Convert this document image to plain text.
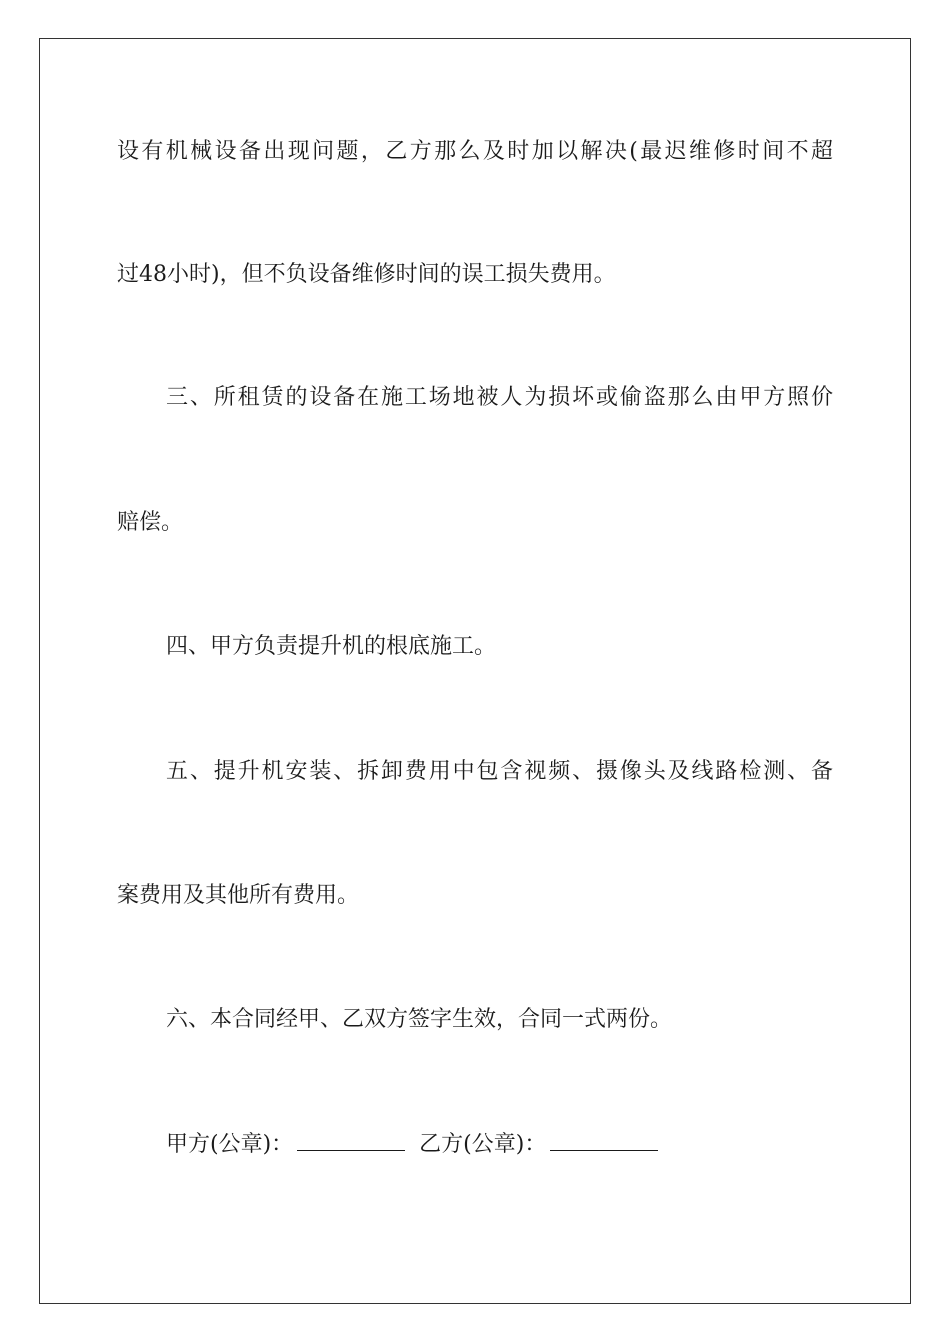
设有机械设备出现问题，乙方那么及时加以解决(最迟维修时间不超

过48小时)，但不负设备维修时间的误工损失费用。

三、所租赁的设备在施工场地被人为损坏或偷盗那么由甲方照价

赔偿。

四、甲方负责提升机的根底施工。

五、提升机安装、拆卸费用中包含视频、摄像头及线路检测、备

案费用及其他所有费用。

六、本合同经甲、乙双方签字生效，合同一式两份。

甲方(公章)：	乙方(公章)：
